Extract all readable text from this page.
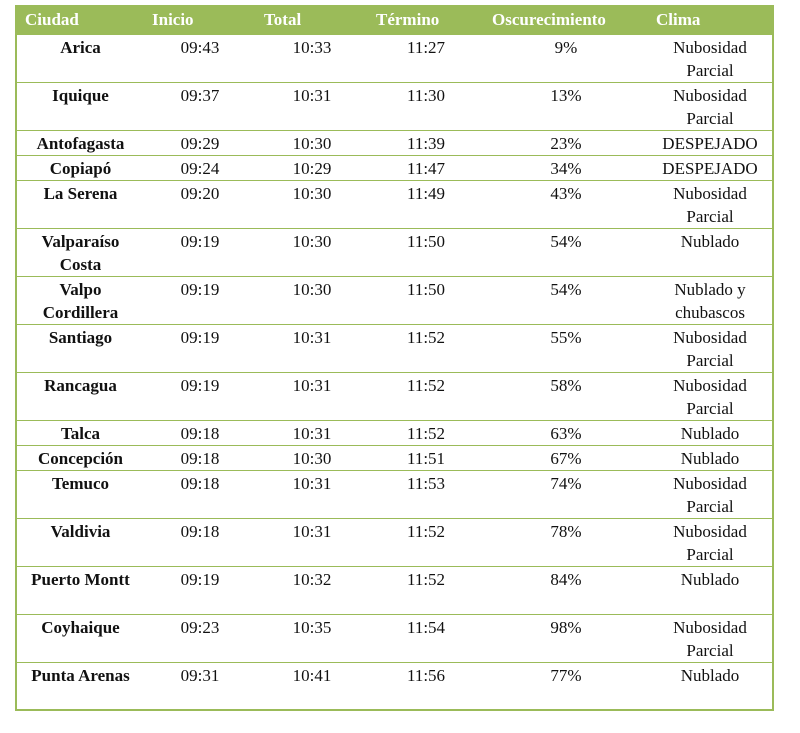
Ciudad	Inicio	Total	Término	Oscurecimiento	Clima
Arica	09:43	10:33	11:27	9%	Nubosidad Parcial
Iquique	09:37	10:31	11:30	13%	Nubosidad Parcial
Antofagasta	09:29	10:30	11:39	23%	DESPEJADO
Copiapó	09:24	10:29	11:47	34%	DESPEJADO
La Serena	09:20	10:30	11:49	43%	Nubosidad Parcial
Valparaíso Costa	09:19	10:30	11:50	54%	Nublado
Valpo Cordillera	09:19	10:30	11:50	54%	Nublado y chubascos
Santiago	09:19	10:31	11:52	55%	Nubosidad Parcial
Rancagua	09:19	10:31	11:52	58%	Nubosidad Parcial
Talca	09:18	10:31	11:52	63%	Nublado
Concepción	09:18	10:30	11:51	67%	Nublado
Temuco	09:18	10:31	11:53	74%	Nubosidad Parcial
Valdivia	09:18	10:31	11:52	78%	Nubosidad Parcial
Puerto Montt	09:19	10:32	11:52	84%	Nublado
Coyhaique	09:23	10:35	11:54	98%	Nubosidad Parcial
Punta Arenas	09:31	10:41	11:56	77%	Nublado
